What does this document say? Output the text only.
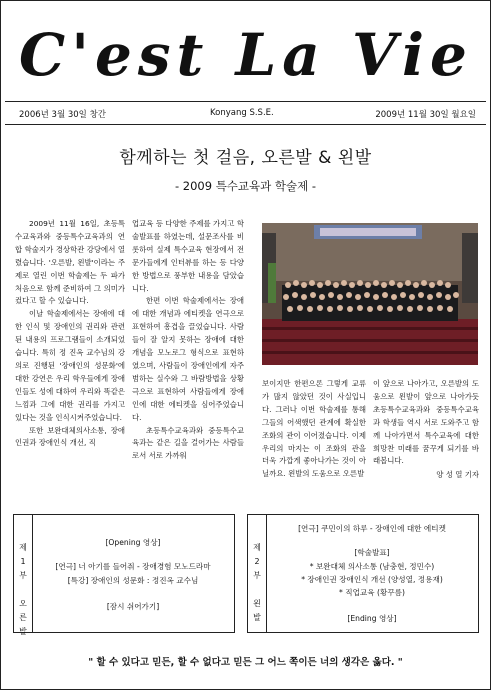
C'est La Vie
2006년 3월 30일 창간	Konyang S.S.E.	2009년 11월 30일 월요일
함께하는 첫 걸음, 오른발 & 왼발
- 2009 특수교육과 학술제 -

2009년 11월 16일, 초등특수교육과와 중등특수교육과의 연합 학술지가 경상학관 강당에서 열렸습니다. '오른발, 왼발'이라는 주제로 열린 이번 학술제는 두 파가 처음으로 함께 준비하여 그 의미가 컸다고 할 수 있습니다.

이날 학술제에서는 장애에 대한 인식 및 장애인의 권리와 관련된 내용의 프로그램들이 소개되었습니다. 특히 정 진옥 교수님의 강의로 진행된 '장애인의 성문화'에 대한 강연은 우리 학우들에게 장애인들도 성에 대하여 우리와 똑같은 느낌과 그에 대한 권리를 가지고 있다는 것을 인식시켜주었습니다.

또한 보완대체의사소통, 장애인권과 장애인식 개선, 직

업교육 등 다양한 주제를 가지고 학술발표를 하였는데, 설문조사를 비롯하여 실제 특수교육 현장에서 전문가들에게 인터뷰를 하는 등 다양한 방법으로 풍부한 내용을 담았습니다.

한편 이번 학술제에서는 장애에 대한 개념과 에티켓을 연극으로 표현하여 흥겹을 끌었습니다. 사람들이 잘 알지 못하는 장애에 대한 개념을 모노로그 형식으로 표현하였으며, 사람들이 장애인에게 자주 범하는 실수와 그 바람방법을 상황극으로 표현하여 사람들에게 장애인에 대한 에티켓을 심어주었습니다.

초등특수교육과와 중등특수교육과는 같은 길을 걸어가는 사람들로서 서로 가까워

보이지만 한편으론 그렇게 교류가 많지 않았던 것이 사실입니다. 그러나 이번 학술제를 통해 그들의 어색했던 관계에 확실한 조화의 관이 이어졌습니다. 이제 우리의 마지는 이 조화의 관을 더욱 가깝게 좋아나가는 것이 아닐까요. 왼발의 도움으로 오른발

이 앞으로 나아가고, 오른발의 도움으로 왼발이 앞으로 나아가듯 초등특수교육과와 중등특수교육과 학생들 역시 서로 도와주고 함께 나아가면서 특수교육에 대한 희망찬 미래를 꿈꾸게 되기를 바래봅니다.

양 성 열 기자
제
1
부
오
른
발
[Opening 영상]
[연극] 너 아기를 들어줘 - 장애경험 모노드라마
[특강] 장애인의 성문화 : 정진옥 교수님
[잠시 쉬어가기]
제
2
부
왼
발
[연극] 쿠민이의 하루 - 장애인에 대한 에티켓
[학술발표]
* 보완대체 의사소통 (남충현, 정민수)
* 장애인권 장애인식 개선 (양성열, 정용재)
* 직업교육 (황꾸름)
[Ending 영상]
" 할 수 있다고 믿든, 할 수 없다고 믿든 그 어느 쪽이든 너의 생각은 옳다. "
